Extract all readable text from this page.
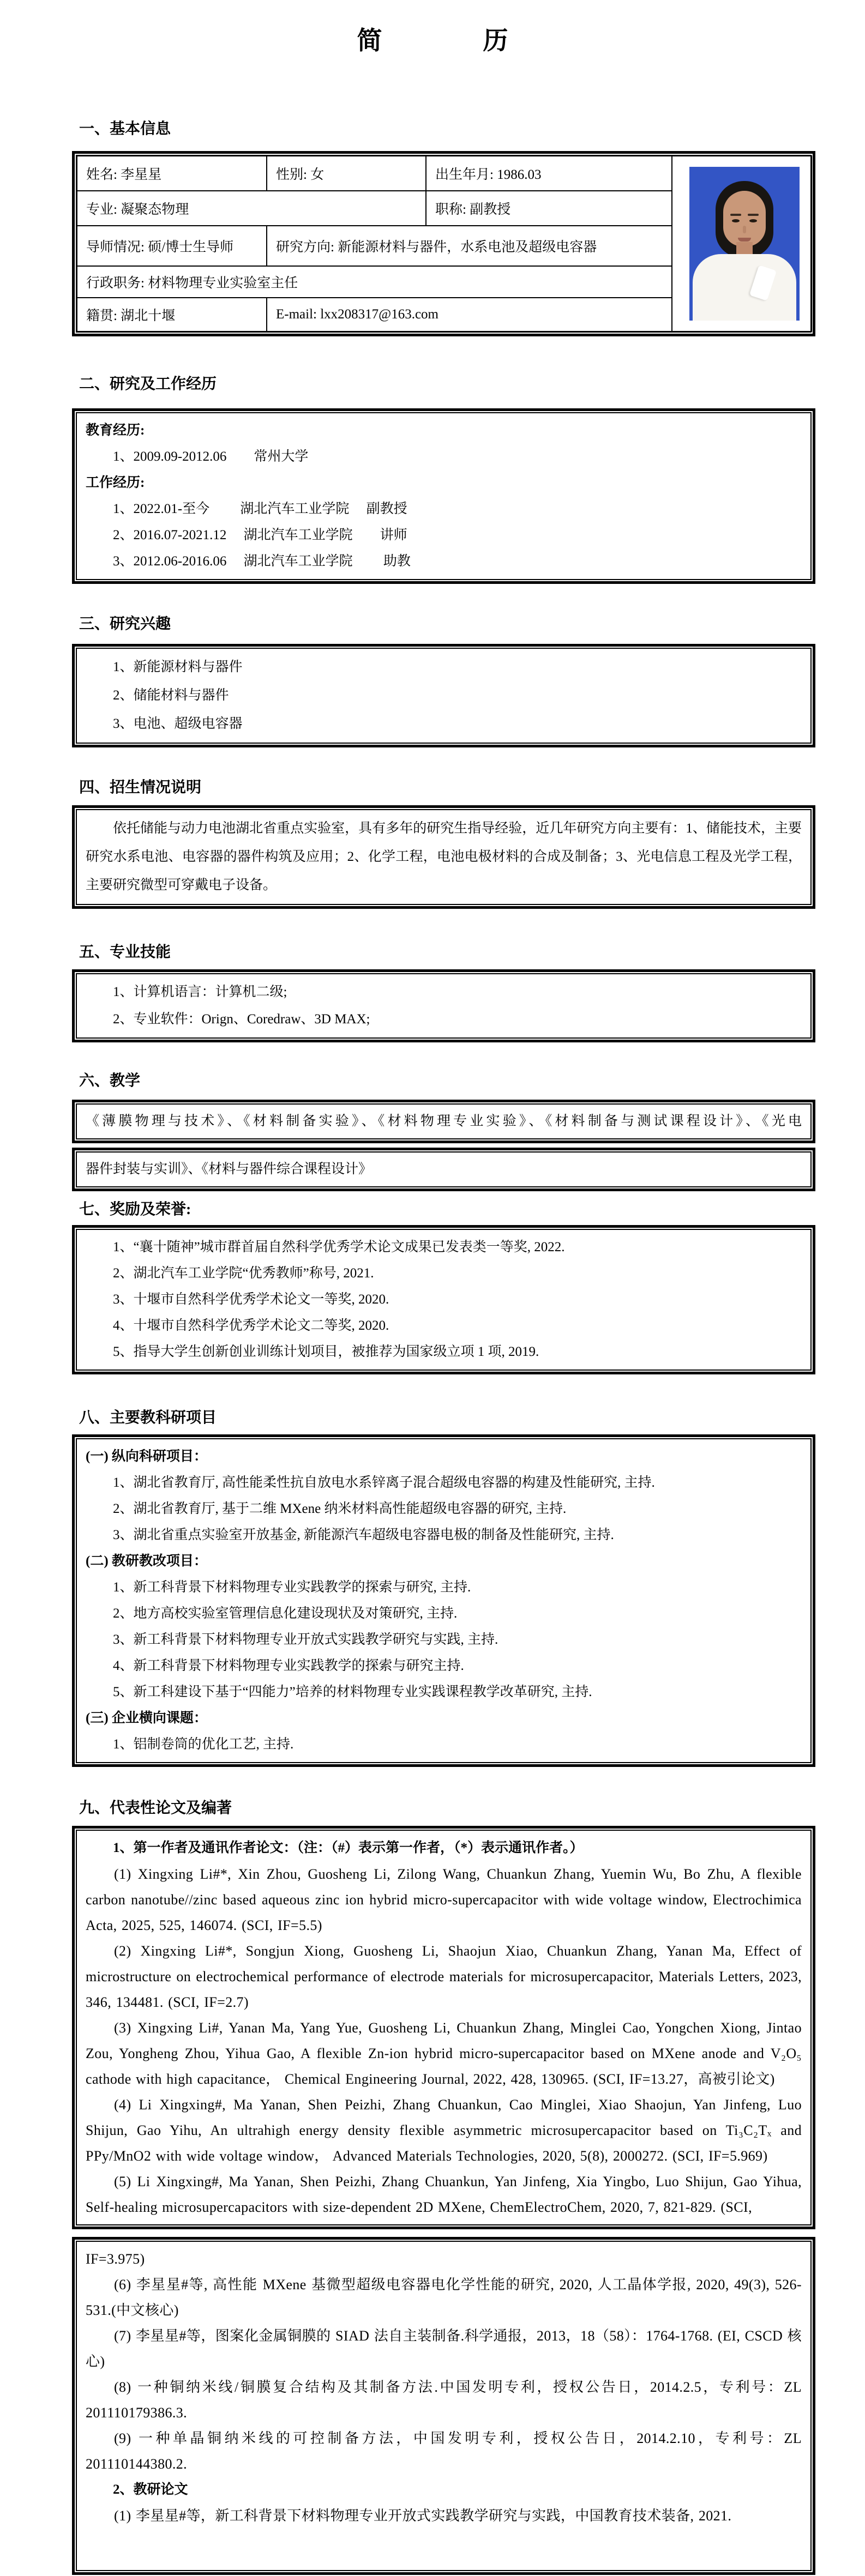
简历
一、基本信息
姓名: 李星星	性别: 女	出生年月: 1986.03	

专业: 凝聚态物理		职称: 副教授	
导师情况: 硕/博士生导师	研究方向: 新能源材料与器件，水系电池及超级电容器		
行政职务: 材料物理专业实验室主任			
籍贯: 湖北十堰	E-mail: lxx208317@163.com		
二、研究及工作经历
教育经历:
1、2009.09-2012.06　　常州大学
工作经历:
1、2022.01-至今　　 湖北汽车工业学院　 副教授
2、2016.07-2021.12　 湖北汽车工业学院　　讲师
3、2012.06-2016.06　 湖北汽车工业学院　　 助教
三、研究兴趣
1、新能源材料与器件
2、储能材料与器件
3、电池、超级电容器
四、招生情况说明
依托储能与动力电池湖北省重点实验室，具有多年的研究生指导经验，近几年研究方向主要有：1、储能技术，主要研究水系电池、电容器的器件构筑及应用；2、化学工程，电池电极材料的合成及制备；3、光电信息工程及光学工程，主要研究微型可穿戴电子设备。
五、专业技能
1、计算机语言：计算机二级;
2、专业软件：Orign、Coredraw、3D MAX;
六、教学
《薄膜物理与技术》、《材料制备实验》、《材料物理专业实验》、《材料制备与测试课程设计》、《光电
器件封装与实训》、《材料与器件综合课程设计》
七、奖励及荣誉:
1、“襄十随神”城市群首届自然科学优秀学术论文成果已发表类一等奖, 2022.
2、湖北汽车工业学院“优秀教师”称号, 2021.
3、十堰市自然科学优秀学术论文一等奖, 2020.
4、十堰市自然科学优秀学术论文二等奖, 2020.
5、指导大学生创新创业训练计划项目，被推荐为国家级立项 1 项, 2019.
八、主要教科研项目
(一) 纵向科研项目：
1、湖北省教育厅, 高性能柔性抗自放电水系锌离子混合超级电容器的构建及性能研究, 主持.
2、湖北省教育厅, 基于二维 MXene 纳米材料高性能超级电容器的研究, 主持.
3、湖北省重点实验室开放基金, 新能源汽车超级电容器电极的制备及性能研究, 主持.
(二) 教研教改项目：
1、新工科背景下材料物理专业实践教学的探索与研究, 主持.
2、地方高校实验室管理信息化建设现状及对策研究, 主持.
3、新工科背景下材料物理专业开放式实践教学研究与实践, 主持.
4、新工科背景下材料物理专业实践教学的探索与研究主持.
5、新工科建设下基于“四能力”培养的材料物理专业实践课程教学改革研究, 主持.
(三) 企业横向课题：
1、铝制卷筒的优化工艺, 主持.
九、代表性论文及编著
1、第一作者及通讯作者论文：（注：（#）表示第一作者，（*）表示通讯作者。）

(1) Xingxing Li#*, Xin Zhou, Guosheng Li, Zilong Wang, Chuankun Zhang, Yuemin Wu, Bo Zhu, A flexible carbon nanotube//zinc based aqueous zinc ion hybrid micro-supercapacitor with wide voltage window, Electrochimica Acta, 2025, 525, 146074. (SCI, IF=5.5)

(2) Xingxing Li#*, Songjun Xiong, Guosheng Li, Shaojun Xiao, Chuankun Zhang, Yanan Ma, Effect of microstructure on electrochemical performance of electrode materials for microsupercapacitor, Materials Letters, 2023, 346, 134481. (SCI, IF=2.7)

(3) Xingxing Li#, Yanan Ma, Yang Yue, Guosheng Li, Chuankun Zhang, Minglei Cao, Yongchen Xiong, Jintao Zou, Yongheng Zhou, Yihua Gao, A flexible Zn-ion hybrid micro-supercapacitor based on MXene anode and V₂O₅ cathode with high capacitance， Chemical Engineering Journal, 2022, 428, 130965. (SCI, IF=13.27，高被引论文)

(4) Li Xingxing#, Ma Yanan, Shen Peizhi, Zhang Chuankun, Cao Minglei, Xiao Shaojun, Yan Jinfeng, Luo Shijun, Gao Yihu, An ultrahigh energy density flexible asymmetric microsupercapacitor based on Ti₃C₂Tₓ and PPy/MnO2 with wide voltage window， Advanced Materials Technologies, 2020, 5(8), 2000272. (SCI, IF=5.969)

(5) Li Xingxing#, Ma Yanan, Shen Peizhi, Zhang Chuankun, Yan Jinfeng, Xia Yingbo, Luo Shijun, Gao Yihua, Self-healing microsupercapacitors with size-dependent 2D MXene, ChemElectroChem, 2020, 7, 821-829. (SCI,

IF=3.975)

(6) 李星星#等, 高性能 MXene 基微型超级电容器电化学性能的研究, 2020, 人工晶体学报, 2020, 49(3), 526-531.(中文核心)

(7) 李星星#等，图案化金属铜膜的 SIAD 法自主装制备.科学通报，2013，18（58）：1764-1768. (EI, CSCD 核心)

(8) 一种铜纳米线/铜膜复合结构及其制备方法.中国发明专利，授权公告日，2014.2.5，专利号：ZL 201110179386.3.

(9) 一种单晶铜纳米线的可控制备方法，中国发明专利，授权公告日，2014.2.10，专利号：ZL 201110144380.2.

2、教研论文

(1) 李星星#等，新工科背景下材料物理专业开放式实践教学研究与实践，中国教育技术装备, 2021.
